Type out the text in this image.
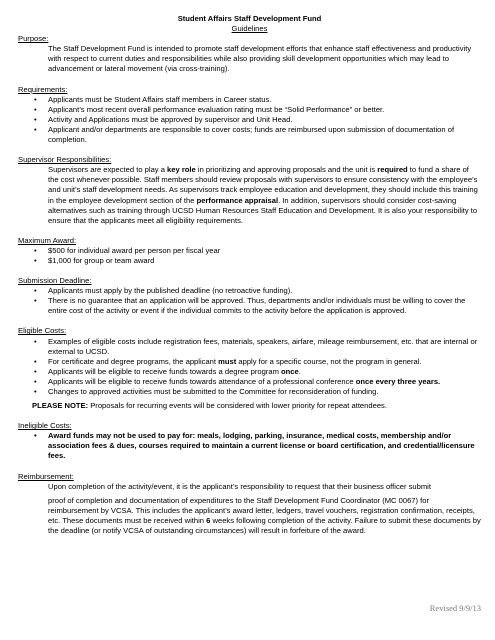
Student Affairs Staff Development Fund
Guidelines
Purpose:
The Staff Development Fund is intended to promote staff development efforts that enhance staff effectiveness and productivity with respect to current duties and responsibilities while also providing skill development opportunities which may lead to advancement or lateral movement (via cross-training).
Requirements:
• Applicants must be Student Affairs staff members in Career status.
• Applicant’s most recent overall performance evaluation rating must be “Solid Performance” or better.
• Activity and Applications must be approved by supervisor and Unit Head.
• Applicant and/or departments are responsible to cover costs; funds are reimbursed upon submission of documentation of completion.
Supervisor Responsibilities:
Supervisors are expected to play a key role in prioritizing and approving proposals and the unit is required to fund a share of the cost whenever possible. Staff members should review proposals with supervisors to ensure consistency with the employee’s and unit’s staff development needs. As supervisors track employee education and development, they should include this training in the employee development section of the performance appraisal. In addition, supervisors should consider cost-saving alternatives such as training through UCSD Human Resources Staff Education and Development. It is also your responsibility to ensure that the applicants meet all eligibility requirements.
Maximum Award:
• $500 for individual award per person per fiscal year
• $1,000 for group or team award
Submission Deadline:
• Applicants must apply by the published deadline (no retroactive funding).
• There is no guarantee that an application will be approved. Thus, departments and/or individuals must be willing to cover the entire cost of the activity or event if the individual commits to the activity before the application is approved.
Eligible Costs:
• Examples of eligible costs include registration fees, materials, speakers, airfare, mileage reimbursement, etc. that are internal or external to UCSD.
• For certificate and degree programs, the applicant must apply for a specific course, not the program in general.
• Applicants will be eligible to receive funds towards a degree program once.
• Applicants will be eligible to receive funds towards attendance of a professional conference once every three years.
• Changes to approved activities must be submitted to the Committee for reconsideration of funding.
PLEASE NOTE: Proposals for recurring events will be considered with lower priority for repeat attendees.
Ineligible Costs:
• Award funds may not be used to pay for: meals, lodging, parking, insurance, medical costs, membership and/or association fees & dues, courses required to maintain a current license or board certification, and credential/licensure fees.
Reimbursement:
Upon completion of the activity/event, it is the applicant’s responsibility to request that their business officer submit
proof of completion and documentation of expenditures to the Staff Development Fund Coordinator (MC 0067) for reimbursement by VCSA. This includes the applicant’s award letter, ledgers, travel vouchers, registration confirmation, receipts, etc. These documents must be received within 6 weeks following completion of the activity. Failure to submit these documents by the deadline (or notify VCSA of outstanding circumstances) will result in forfeiture of the award.
Revised 9/9/13
